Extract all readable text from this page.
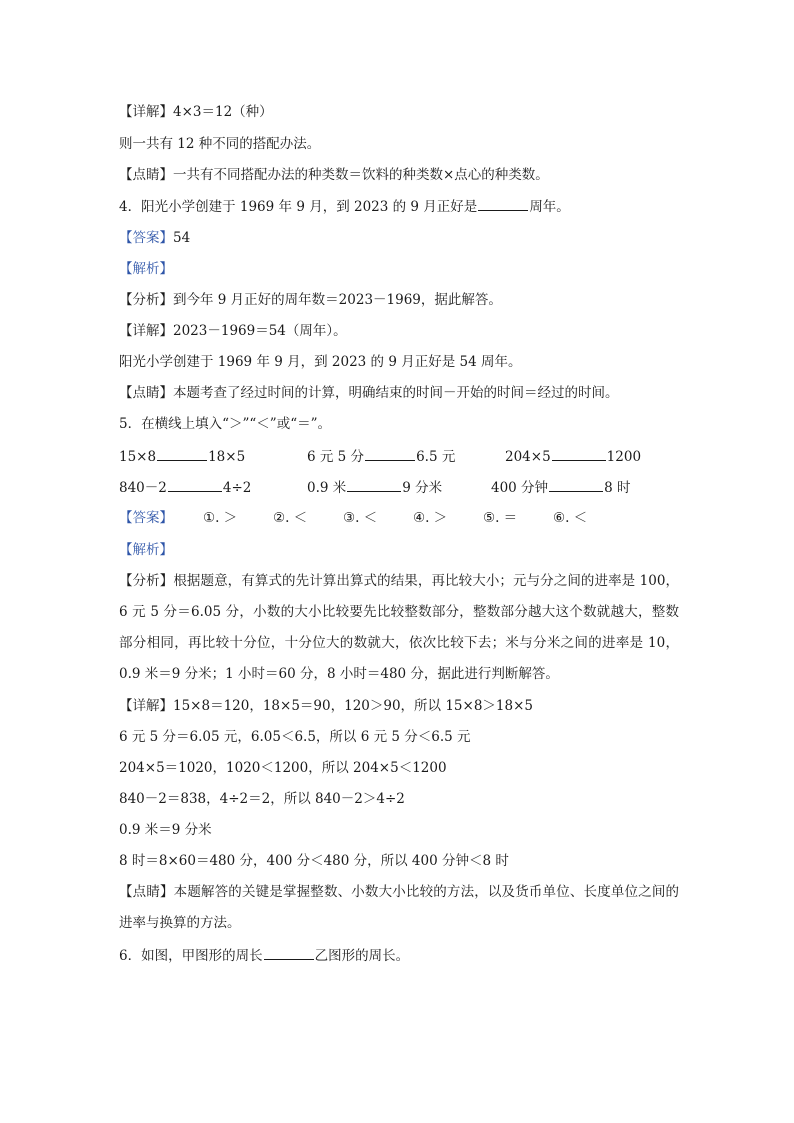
【详解】4×3＝12（种）
则一共有 12 种不同的搭配办法。
【点睛】一共有不同搭配办法的种类数＝饮料的种类数×点心的种类数。
4．阳光小学创建于 1969 年 9 月，到 2023 的 9 月正好是	周年。
【答案】54
【解析】
【分析】到今年 9 月正好的周年数＝2023－1969，据此解答。
【详解】2023－1969＝54（周年）。
阳光小学创建于 1969 年 9 月，到 2023 的 9 月正好是 54 周年。
【点睛】本题考查了经过时间的计算，明确结束的时间－开始的时间＝经过的时间。
5．在横线上填入“＞”“＜”或“＝”。
15×8	18×5	6 元 5 分	6.5 元	204×5	1200
840－2	4÷2	0.9 米	9 分米	400 分钟	8 时
【答案】 ①. ＞	②. ＜	③. ＜	④. ＞	⑤. ＝	⑥. ＜
【解析】
【分析】根据题意，有算式的先计算出算式的结果，再比较大小；元与分之间的进率是 100，6 元 5 分＝6.05 分，小数的大小比较要先比较整数部分，整数部分越大这个数就越大，整数部分相同，再比较十分位，十分位大的数就大，依次比较下去；米与分米之间的进率是 10，0.9 米＝9 分米；1 小时＝60 分，8 小时＝480 分，据此进行判断解答。
【详解】15×8＝120，18×5＝90，120＞90，所以 15×8＞18×5
6 元 5 分＝6.05 元，6.05＜6.5，所以 6 元 5 分＜6.5 元
204×5＝1020，1020＜1200，所以 204×5＜1200
840－2＝838，4÷2＝2，所以 840－2＞4÷2
0.9 米＝9 分米
8 时＝8×60＝480 分，400 分＜480 分，所以 400 分钟＜8 时
【点睛】本题解答的关键是掌握整数、小数大小比较的方法，以及货币单位、长度单位之间的进率与换算的方法。
6．如图，甲图形的周长	乙图形的周长。
